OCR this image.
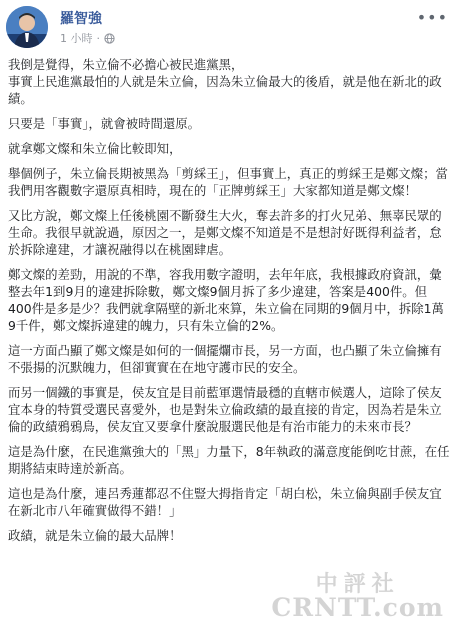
羅智強
1 小時 ·
•••

我倒是覺得，朱立倫不必擔心被民進黨黑，
事實上民進黨最怕的人就是朱立倫，因為朱立倫最大的後盾，就是他在新北的政績。

只要是「事實」，就會被時間還原。

就拿鄭文燦和朱立倫比較即知，

舉個例子，朱立倫長期被黑為「剪綵王」，但事實上，真正的剪綵王是鄭文燦；當我們用客觀數字還原真相時，現在的「正牌剪綵王」大家都知道是鄭文燦！

又比方說，鄭文燦上任後桃園不斷發生大火，奪去許多的打火兄弟、無辜民眾的生命。我很早就說過，原因之一，是鄭文燦不知道是不是想討好既得利益者，怠於拆除違建，才讓祝融得以在桃園肆虐。

鄭文燦的差勁，用說的不準，容我用數字證明，去年年底，我根據政府資訊，彙整去年1到9月的違建拆除數，鄭文燦9個月拆了多少違建，答案是400件。但 400件是多是少？我們就拿隔壁的新北來算，朱立倫在同期的9個月中，拆除1萬9千件，鄭文燦拆違建的魄力，只有朱立倫的2%。

這一方面凸顯了鄭文燦是如何的一個擺爛市長，另一方面，也凸顯了朱立倫擁有不張揚的沉默魄力，但卻實實在在地守護市民的安全。

而另一個鐵的事實是，侯友宜是目前藍軍選情最穩的直轄市候選人，這除了侯友宜本身的特質受選民喜愛外，也是對朱立倫政績的最直接的肯定，因為若是朱立倫的政績鴉鴉鳥，侯友宜又要拿什麼說服選民他是有治市能力的未來市長？

這是為什麼，在民進黨強大的「黑」力量下，8年執政的滿意度能倒吃甘蔗，在任期將結束時達於新高。

這也是為什麼，連呂秀蓮都忍不住豎大拇指肯定「胡白松，朱立倫與副手侯友宜在新北市八年確實做得不錯！」

政績，就是朱立倫的最大品牌！

中評社
CRNTT.com
